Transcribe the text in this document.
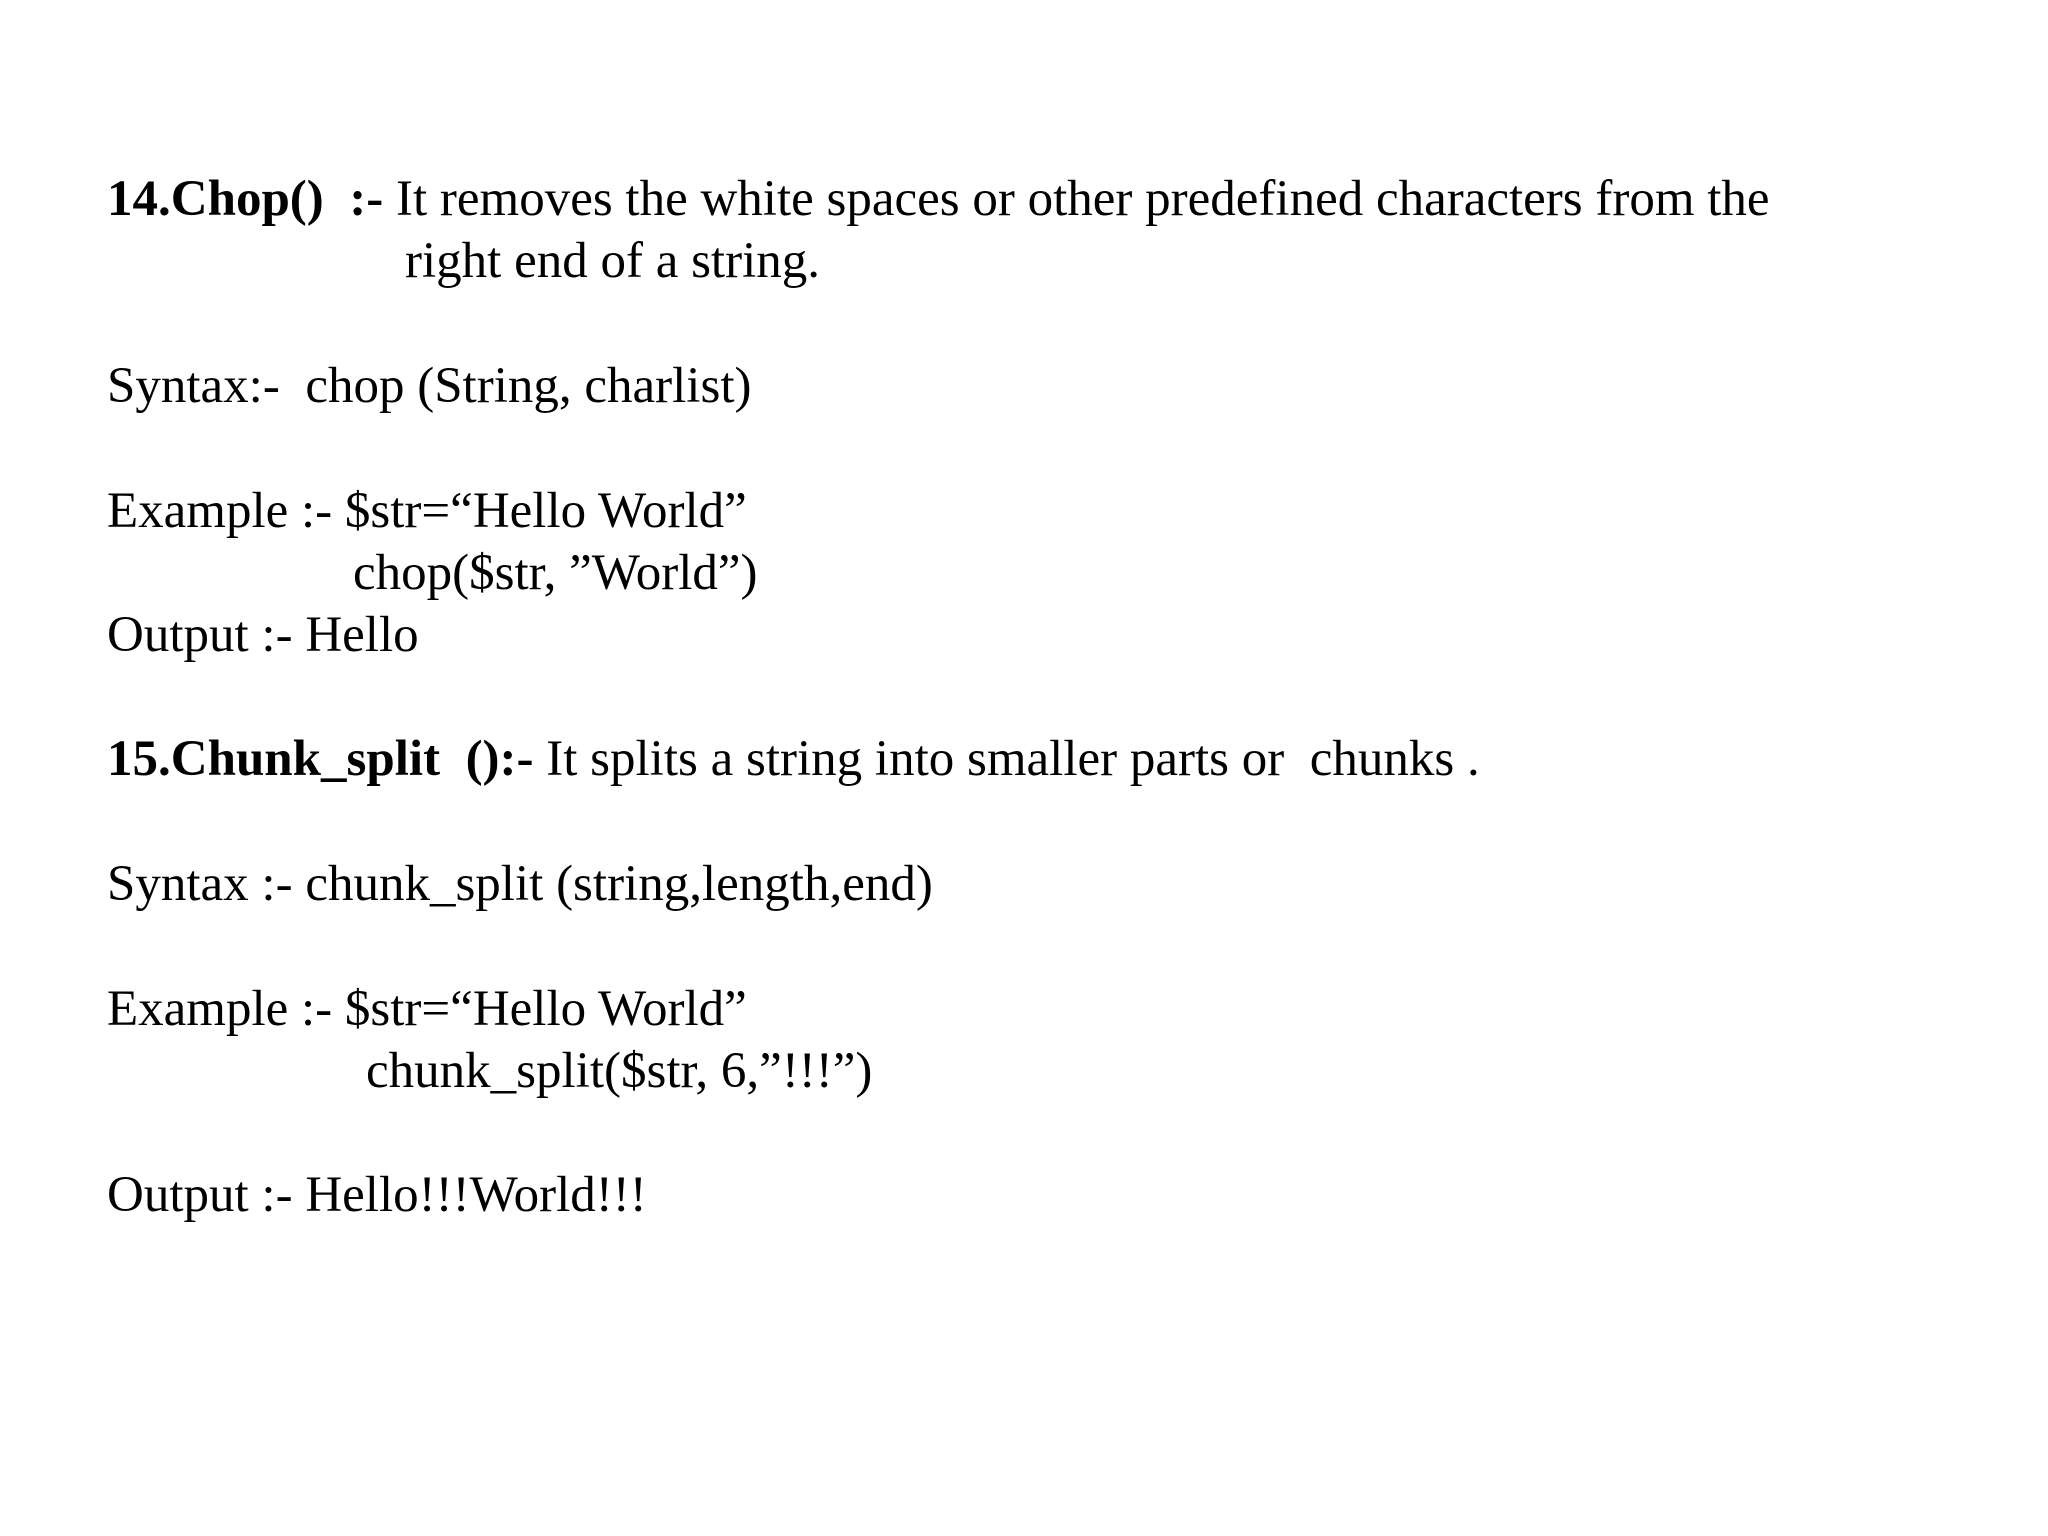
14.Chop()  :- It removes the white spaces or other predefined characters from the
right end of a string.
Syntax:-  chop (String, charlist)
Example :- $str=“Hello World”
chop($str, ”World”)
Output :- Hello
15.Chunk_split  ():- It splits a string into smaller parts or  chunks .
Syntax :- chunk_split (string,length,end)
Example :- $str=“Hello World”
chunk_split($str, 6,”!!!”)
Output :- Hello!!!World!!!
